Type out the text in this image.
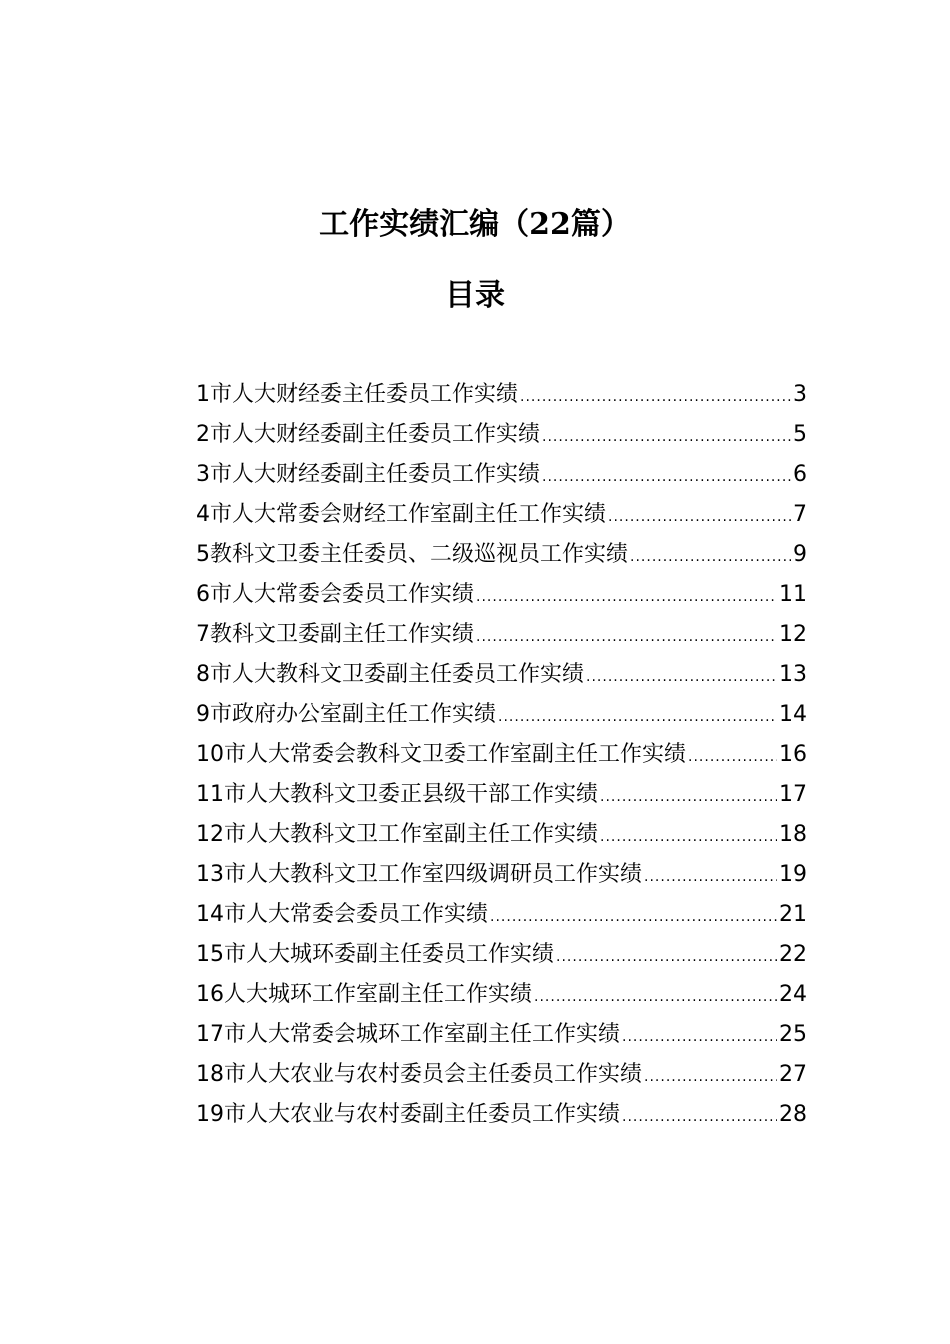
工作实绩汇编（22篇）
目录
1 市人大财经委主任委员工作实绩 .....	3
2 市人大财经委副主任委员工作实绩 .....	5
3 市人大财经委副主任委员工作实绩 .....	6
4 市人大常委会财经工作室副主任工作实绩 .....	7
5 教科文卫委主任委员、二级巡视员工作实绩 .....	9
6 市人大常委会委员工作实绩 .....	11
7 教科文卫委副主任工作实绩 .....	12
8 市人大教科文卫委副主任委员工作实绩 .....	13
9 市政府办公室副主任工作实绩 .....	14
10 市人大常委会教科文卫委工作室副主任工作实绩 .....	16
11 市人大教科文卫委正县级干部工作实绩 .....	17
12 市人大教科文卫工作室副主任工作实绩 .....	18
13 市人大教科文卫工作室四级调研员工作实绩 .....	19
14 市人大常委会委员工作实绩 .....	21
15 市人大城环委副主任委员工作实绩 .....	22
16 人大城环工作室副主任工作实绩 .....	24
17 市人大常委会城环工作室副主任工作实绩 .....	25
18 市人大农业与农村委员会主任委员工作实绩 .....	27
19 市人大农业与农村委副主任委员工作实绩 .....	28
